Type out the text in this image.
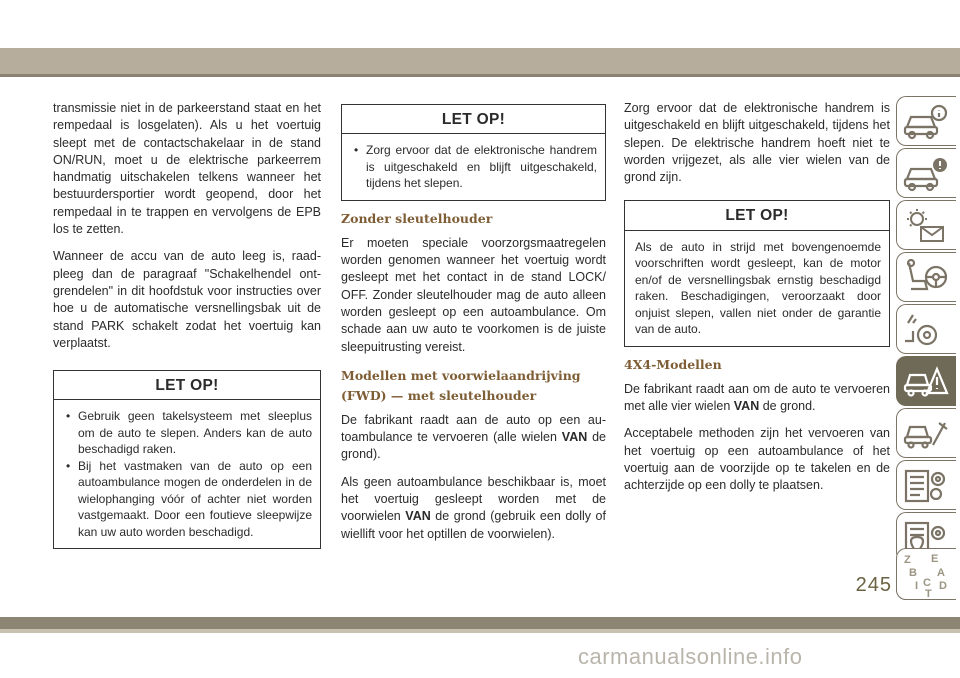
transmissie niet in de parkeerstand staat en het rempedaal is losgelaten). Als u het voertuig sleept met de contactschakelaar in de stand ON/RUN, moet u de elektrische parkeerrem handmatig uitschakelen telkens wanneer het bestuurdersportier wordt geopend, door het rempedaal in te trappen en vervolgens de EPB los te zetten.

Wanneer de accu van de auto leeg is, raadpleeg dan de paragraaf "Schakelhendel ontgrendelen" in dit hoofdstuk voor instructies over hoe u de automatische versnellingsbak uit de stand PARK schakelt zodat het voertuig kan verplaatst.

LET OP!
• Gebruik geen takelsysteem met sleeplus om de auto te slepen. Anders kan de auto beschadigd raken.
• Bij het vastmaken van de auto op een autoambulance mogen de onderdelen in de wielophanging vóór of achter niet worden vastgemaakt. Door een foutieve sleepwijze kan uw auto worden beschadigd.
LET OP!
• Zorg ervoor dat de elektronische handrem is uitgeschakeld en blijft uitgeschakeld, tijdens het slepen.
Zonder sleutelhouder

Er moeten speciale voorzorgsmaatregelen worden genomen wanneer het voertuig wordt gesleept met het contact in de stand LOCK/ OFF. Zonder sleutelhouder mag de auto alleen worden gesleept op een autoambulance. Om schade aan uw auto te voorkomen is de juiste sleepuitrusting vereist.

Modellen met voorwielaandrijving (FWD) — met sleutelhouder

De fabrikant raadt aan de auto op een autoambulance te vervoeren (alle wielen VAN de grond).

Als geen autoambulance beschikbaar is, moet het voertuig gesleept worden met de voorwielen VAN de grond (gebruik een dolly of wiellift voor het optillen de voorwielen).

Zorg ervoor dat de elektronische handrem is uitgeschakeld en blijft uitgeschakeld, tijdens het slepen. De elektrische handrem hoeft niet te worden vrijgezet, als alle vier wielen van de grond zijn.

LET OP!
Als de auto in strijd met bovengenoemde voorschriften wordt gesleept, kan de motor en/of de versnellingsbak ernstig beschadigd raken. Beschadigingen, veroorzaakt door onjuist slepen, vallen niet onder de garantie van de auto.
4X4-Modellen

De fabrikant raadt aan om de auto te vervoeren met alle vier wielen VAN de grond.

Acceptabele methoden zijn het vervoeren van het voertuig op een autoambulance of het voertuig aan de voorzijde op te takelen en de achterzijde op een dolly te plaatsen.

Z E
B A
I C D
T
245
carmanualsonline.info
